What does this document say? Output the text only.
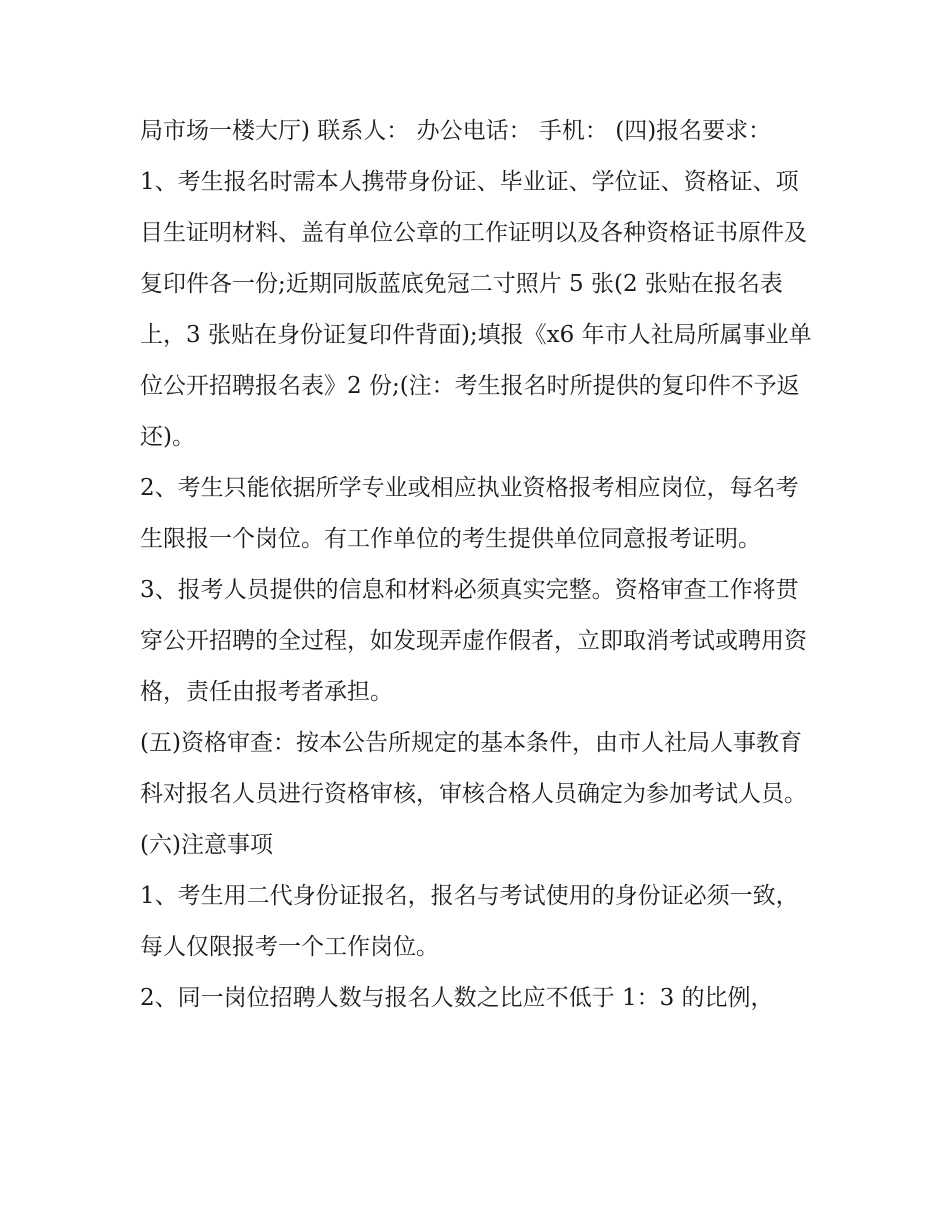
局市场一楼大厅) 联系人： 办公电话： 手机： (四)报名要求：

1、考生报名时需本人携带身份证、毕业证、学位证、资格证、项目生证明材料、盖有单位公章的工作证明以及各种资格证书原件及复印件各一份;近期同版蓝底免冠二寸照片 5 张(2 张贴在报名表上，3 张贴在身份证复印件背面);填报《x6 年市人社局所属事业单位公开招聘报名表》2 份;(注：考生报名时所提供的复印件不予返还)。

2、考生只能依据所学专业或相应执业资格报考相应岗位，每名考生限报一个岗位。有工作单位的考生提供单位同意报考证明。

3、报考人员提供的信息和材料必须真实完整。资格审查工作将贯穿公开招聘的全过程，如发现弄虚作假者，立即取消考试或聘用资格，责任由报考者承担。

(五)资格审查：按本公告所规定的基本条件，由市人社局人事教育科对报名人员进行资格审核，审核合格人员确定为参加考试人员。 (六)注意事项

1、考生用二代身份证报名，报名与考试使用的身份证必须一致，每人仅限报考一个工作岗位。

2、同一岗位招聘人数与报名人数之比应不低于 1：3 的比例，
